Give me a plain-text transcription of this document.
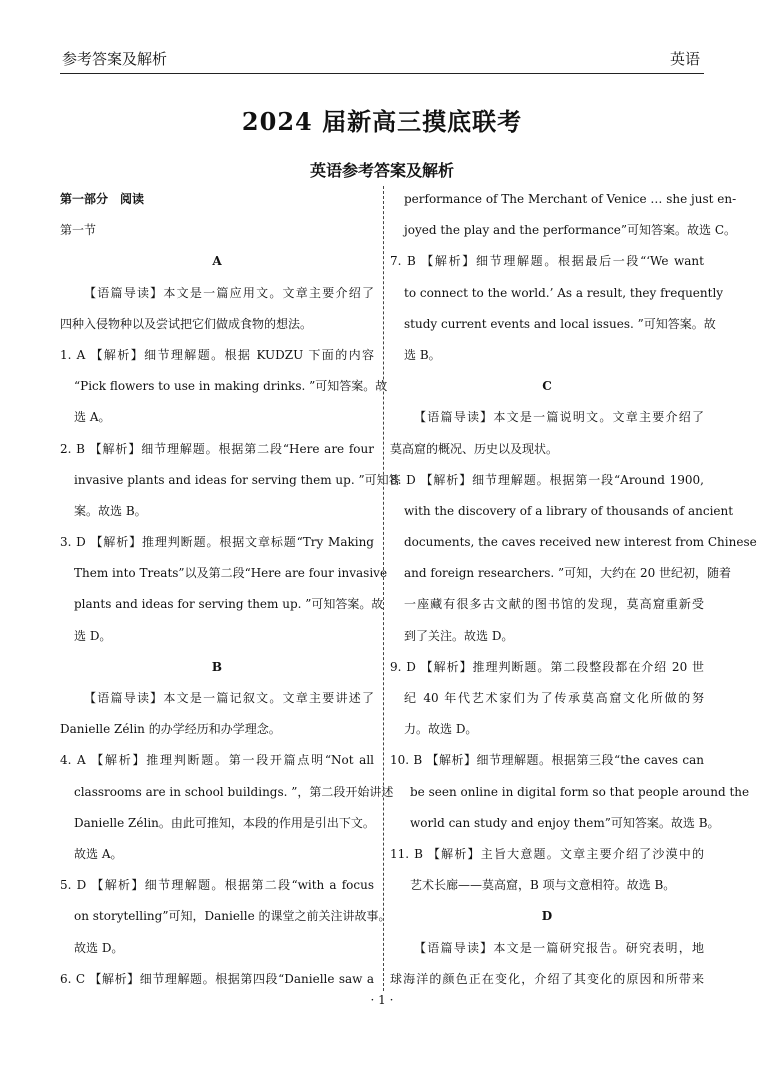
参考答案及解析	英语
2024 届新高三摸底联考
英语参考答案及解析
第一部分　阅读
第一节
A
【语篇导读】本文是一篇应用文。文章主要介绍了
四种入侵物种以及尝试把它们做成食物的想法。
1. A 【解析】细节理解题。根据 KUDZU 下面的内容
“Pick flowers to use in making drinks. ”可知答案。故
选 A。
2. B 【解析】细节理解题。根据第二段“Here are four
invasive plants and ideas for serving them up. ”可知答
案。故选 B。
3. D 【解析】推理判断题。根据文章标题“Try Making
Them into Treats”以及第二段“Here are four invasive
plants and ideas for serving them up. ”可知答案。故
选 D。
B
【语篇导读】本文是一篇记叙文。文章主要讲述了
Danielle Zélin 的办学经历和办学理念。
4. A 【解析】推理判断题。第一段开篇点明“Not all
classrooms are in school buildings. ”，第二段开始讲述
Danielle Zélin。由此可推知，本段的作用是引出下文。
故选 A。
5. D 【解析】细节理解题。根据第二段“with a focus
on storytelling”可知，Danielle 的课堂之前关注讲故事。
故选 D。
6. C 【解析】细节理解题。根据第四段“Danielle saw a
performance of The Merchant of Venice … she just en-
joyed the play and the performance”可知答案。故选 C。
7. B 【解析】细节理解题。根据最后一段“‘We want
to connect to the world.’ As a result, they frequently
study current events and local issues. ”可知答案。故
选 B。
C
【语篇导读】本文是一篇说明文。文章主要介绍了
莫高窟的概况、历史以及现状。
8. D 【解析】细节理解题。根据第一段“Around 1900,
with the discovery of a library of thousands of ancient
documents, the caves received new interest from Chinese
and foreign researchers. ”可知，大约在 20 世纪初，随着
一座藏有很多古文献的图书馆的发现，莫高窟重新受
到了关注。故选 D。
9. D 【解析】推理判断题。第二段整段都在介绍 20 世
纪 40 年代艺术家们为了传承莫高窟文化所做的努
力。故选 D。
10. B 【解析】细节理解题。根据第三段“the caves can
be seen online in digital form so that people around the
world can study and enjoy them”可知答案。故选 B。
11. B 【解析】主旨大意题。文章主要介绍了沙漠中的
艺术长廊——莫高窟，B 项与文意相符。故选 B。
D
【语篇导读】本文是一篇研究报告。研究表明，地
球海洋的颜色正在变化，介绍了其变化的原因和所带来
· 1 ·
